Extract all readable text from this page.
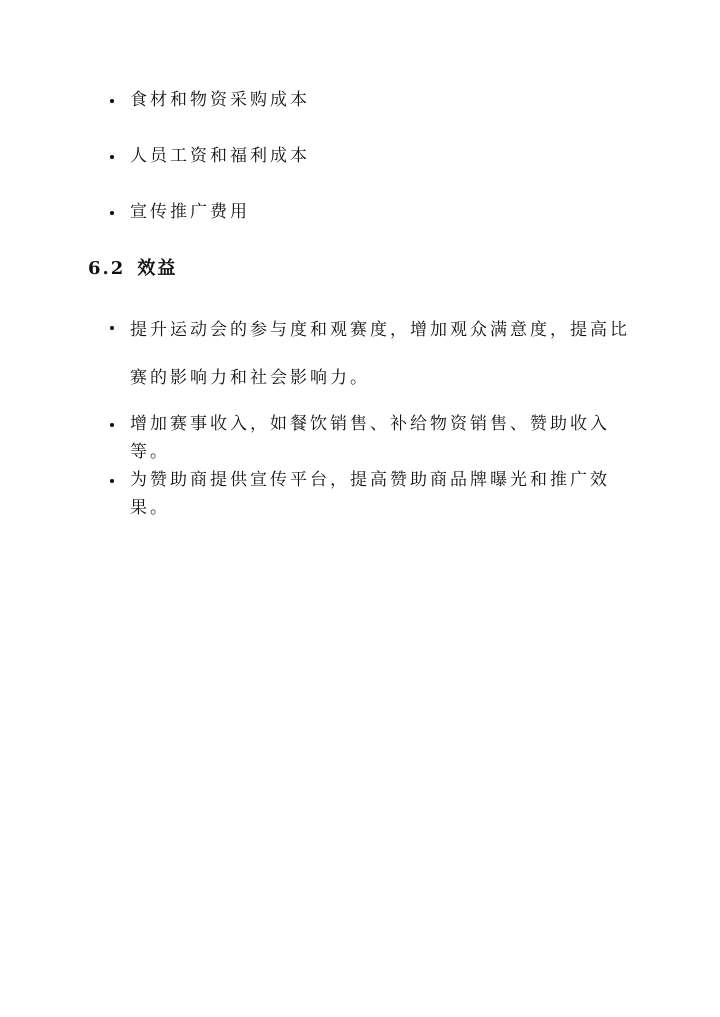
食材和物资采购成本
人员工资和福利成本
宣传推广费用
6.2 效益
提升运动会的参与度和观赛度，增加观众满意度，提高比赛的影响力和社会影响力。
增加赛事收入，如餐饮销售、补给物资销售、赞助收入等。
为赞助商提供宣传平台，提高赞助商品牌曝光和推广效果。
